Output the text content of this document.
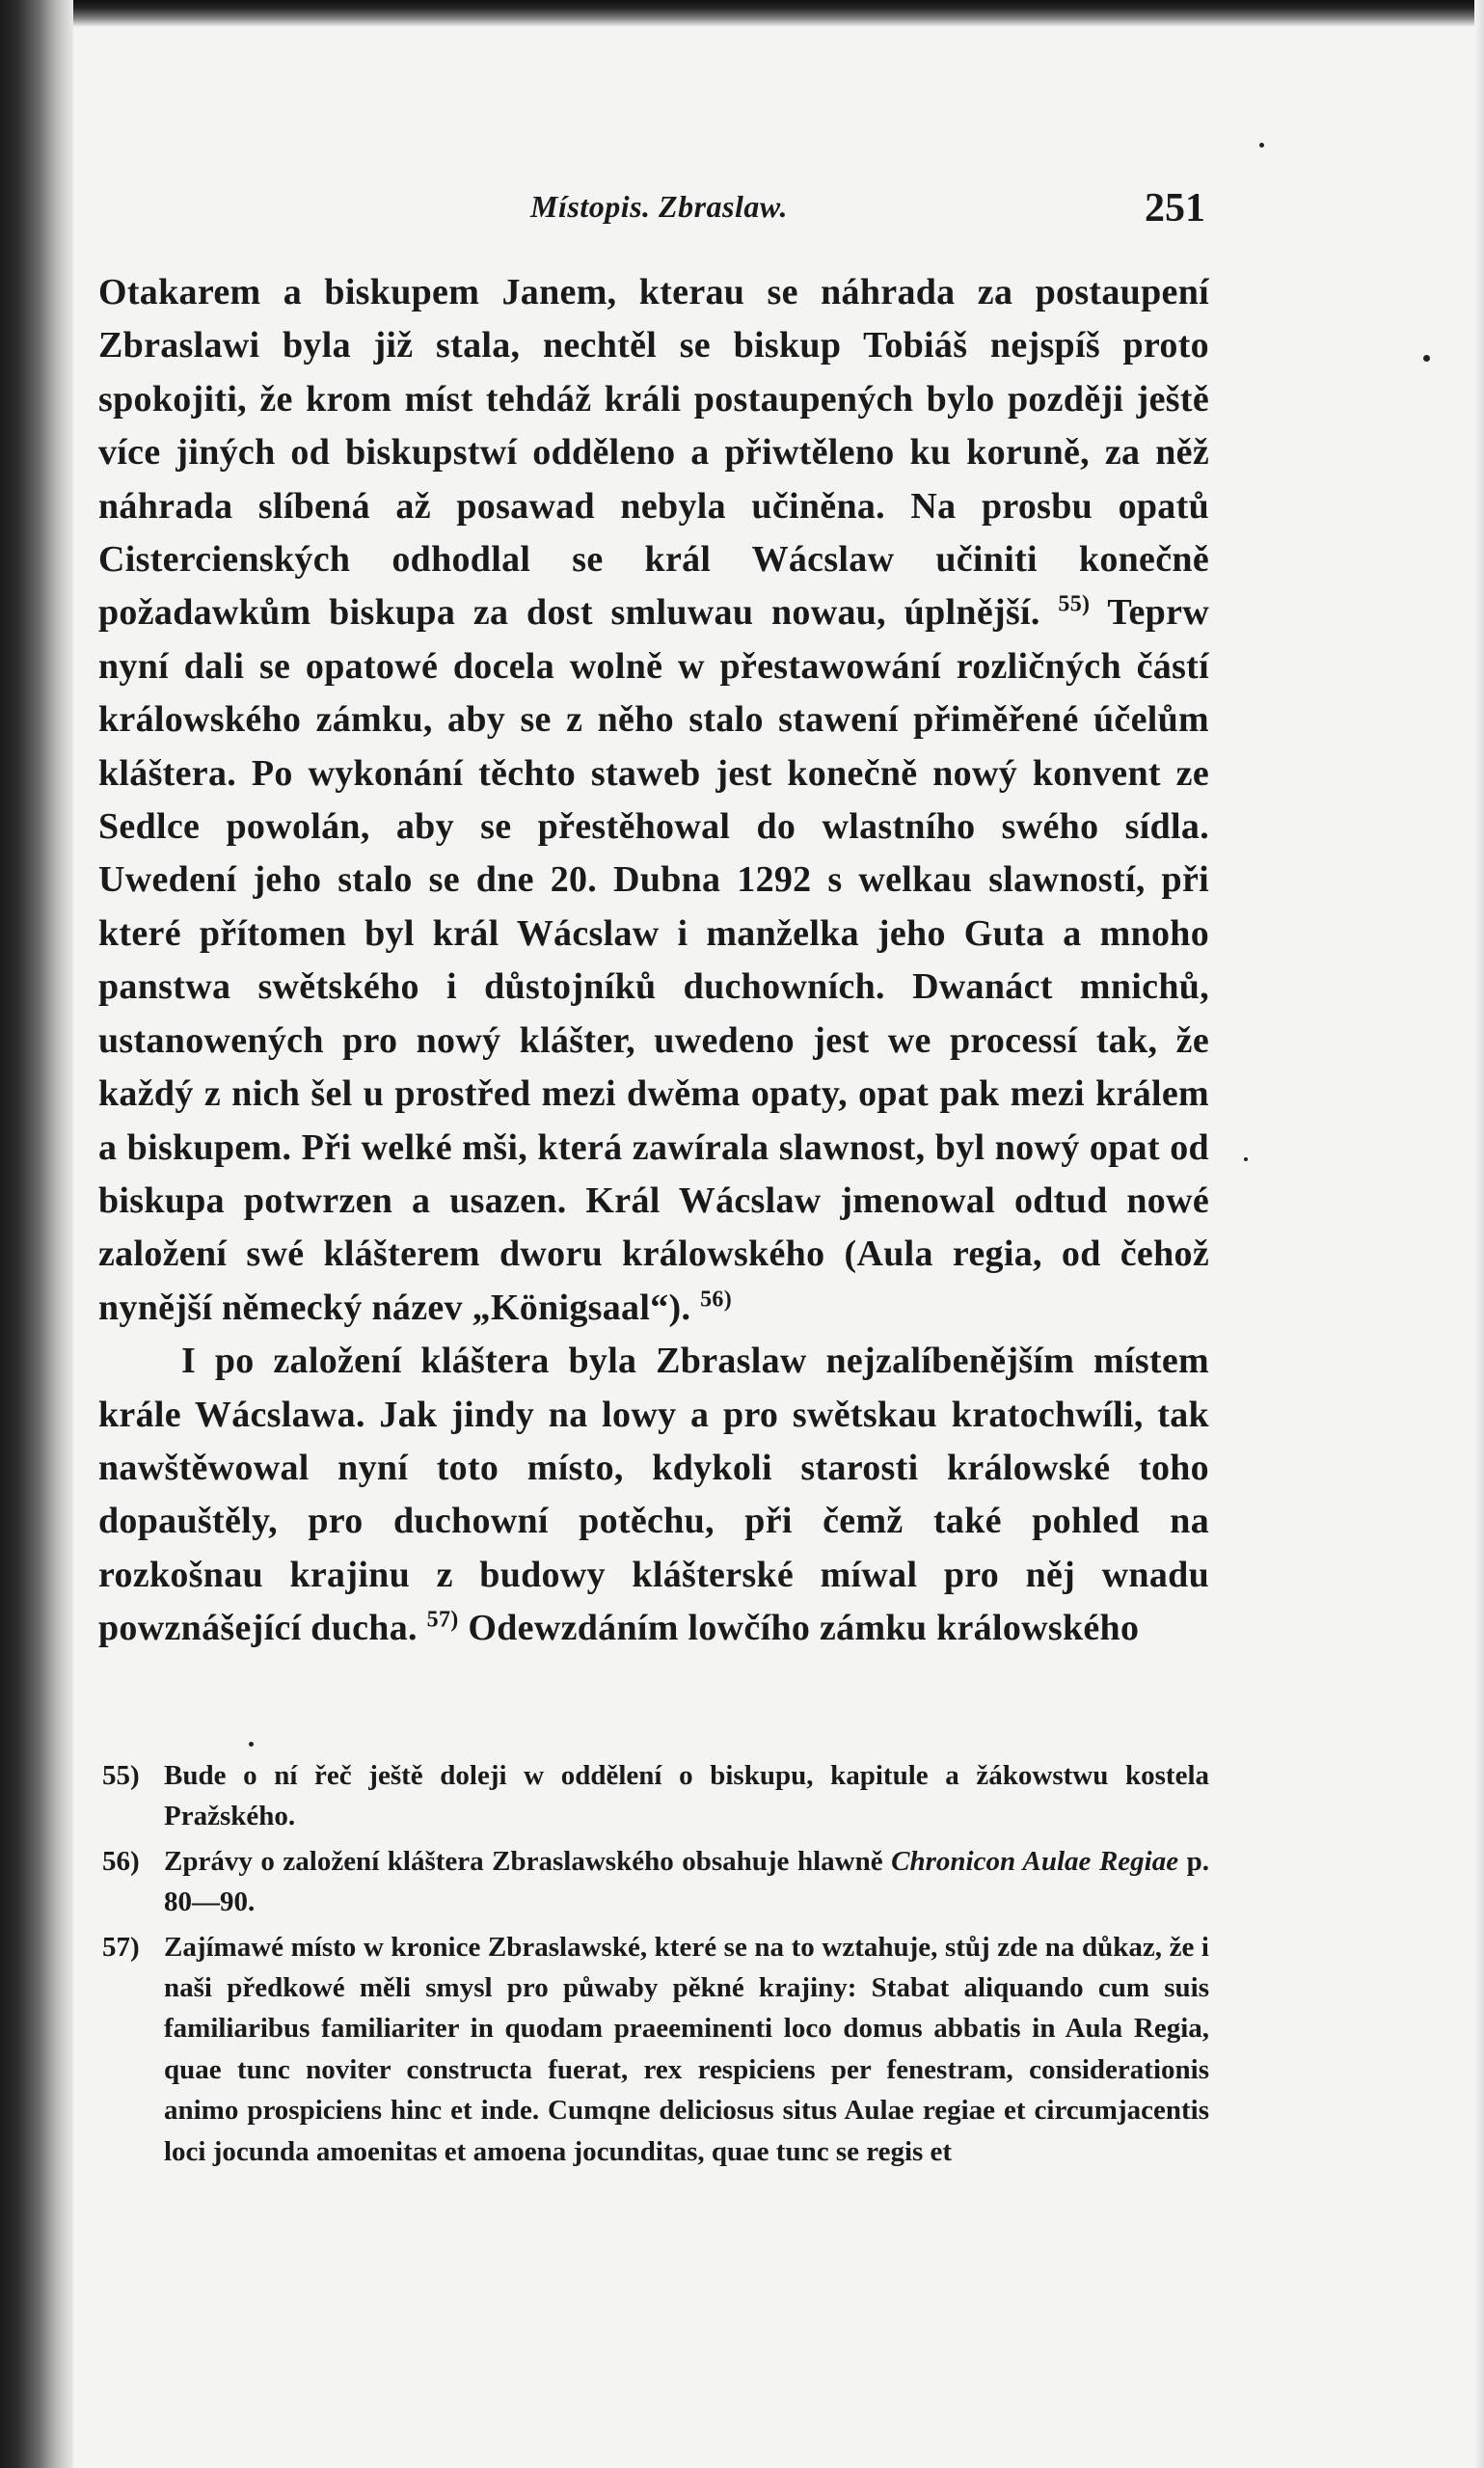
Místopis. Zbraslaw.	251

Otakarem a biskupem Janem, kterau se náhrada za postaupení Zbraslawi byla již stala, nechtěl se biskup Tobiáš nejspíš proto spokojiti, že krom míst tehdáž králi postaupených bylo později ještě více jiných od biskupstwí odděleno a přiwtěleno ku koruně, za něž náhrada slíbená až posawad nebyla učiněna. Na prosbu opatů Cistercienských odhodlal se král Wácslaw učiniti konečně požadawkům biskupa za dost smluwau nowau, úplnější. $^{55)}$ Teprw nyní dali se opatowé docela wolně w přestawowání rozličných částí králowského zámku, aby se z něho stalo stawení přiměřené účelům kláštera. Po wykonání těchto staweb jest konečně nowý konvent ze Sedlce powolán, aby se přestěhowal do wlastního swého sídla. Uwedení jeho stalo se dne 20. Dubna 1292 s welkau slawností, při které přítomen byl král Wácslaw i manželka jeho Guta a mnoho panstwa swětského i důstojníků duchowních. Dwanáct mnichů, ustanowených pro nowý klášter, uwedeno jest we processí tak, že každý z nich šel u prostřed mezi dwěma opaty, opat pak mezi králem a biskupem. Při welké mši, která zawírala slawnost, byl nowý opat od biskupa potwrzen a usazen. Král Wácslaw jmenowal odtud nowé založení swé klášterem dworu králowského (Aula regia, od čehož nynější německý název „Königsaal“). $^{56)}$

I po založení kláštera byla Zbraslaw nejzalíbenějším místem krále Wácslawa. Jak jindy na lowy a pro swětskau kratochwíli, tak nawštěwowal nyní toto místo, kdykoli starosti králowské toho dopauštěly, pro duchowní potěchu, při čemž také pohled na rozkošnau krajinu z budowy klášterské míwal pro něj wnadu powznášející ducha. $^{57)}$ Odewzdáním lowčího zámku králowského

55) Bude o ní řeč ještě doleji w oddělení o biskupu, kapitule a žákowstwu kostela Pražského.
56) Zprávy o založení kláštera Zbraslawského obsahuje hlawně Chronicon Aulae Regiae p. 80—90.
57) Zajímawé místo w kronice Zbraslawské, které se na to wztahuje, stůj zde na důkaz, že i naši předkowé měli smysl pro půwaby pěkné krajiny: Stabat aliquando cum suis familiaribus familiariter in quodam praeeminenti loco domus abbatis in Aula Regia, quae tunc noviter constructa fuerat, rex respiciens per fenestram, considerationis animo prospiciens hinc et inde. Cumqne deliciosus situs Aulae regiae et circumjacentis loci jocunda amoenitas et amoena jocunditas, quae tunc se regis et
